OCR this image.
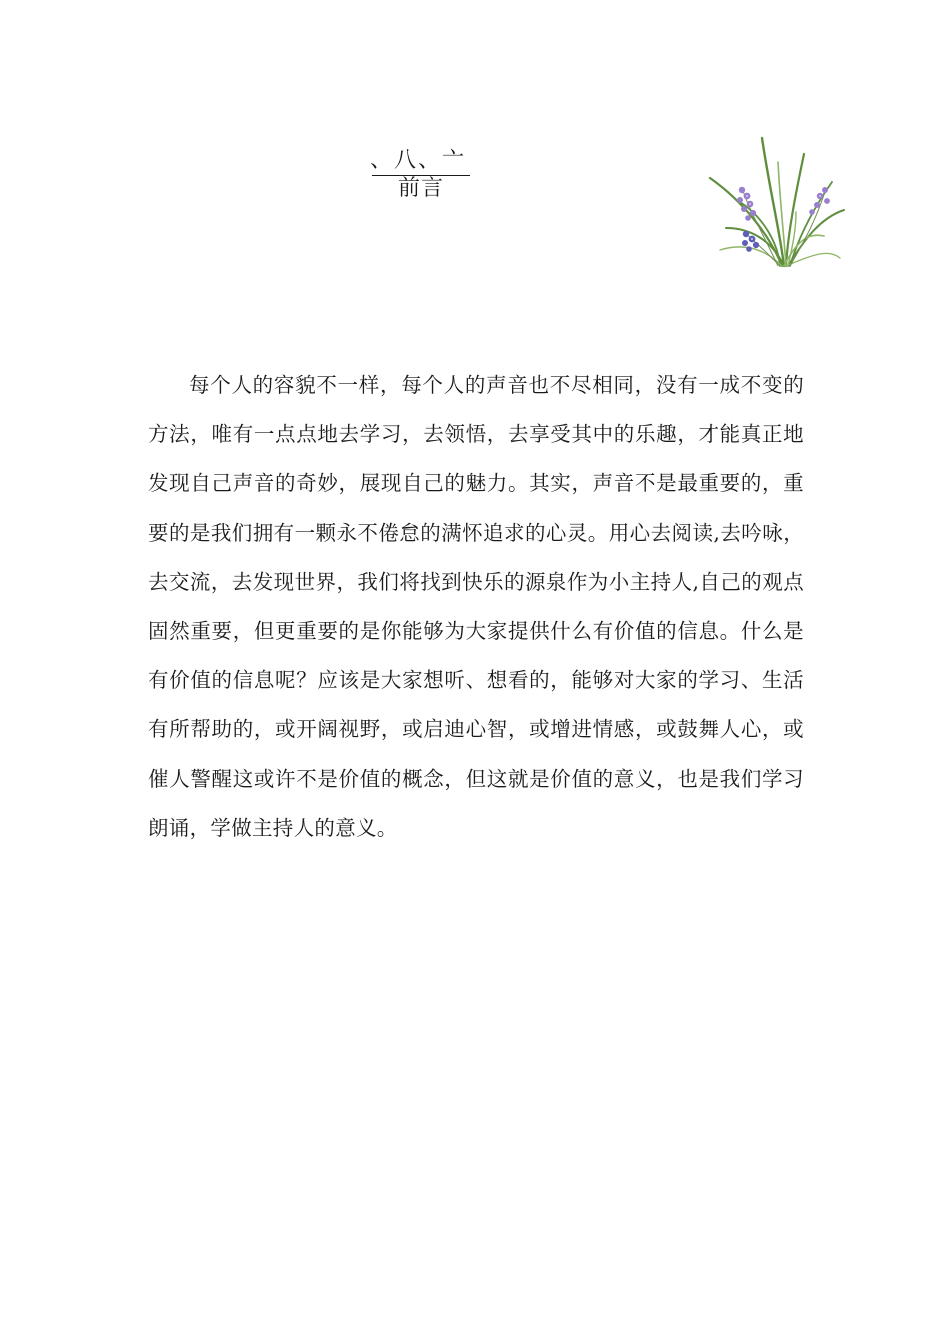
、八、亠
前言

每个人的容貌不一样，每个人的声音也不尽相同，没有一成不变的方法，唯有一点点地去学习，去领悟，去享受其中的乐趣，才能真正地发现自己声音的奇妙，展现自己的魅力。其实，声音不是最重要的，重要的是我们拥有一颗永不倦怠的满怀追求的心灵。用心去阅读,去吟咏，去交流，去发现世界，我们将找到快乐的源泉作为小主持人,自己的观点固然重要，但更重要的是你能够为大家提供什么有价值的信息。什么是有价值的信息呢？应该是大家想听、想看的，能够对大家的学习、生活有所帮助的，或开阔视野，或启迪心智，或增进情感，或鼓舞人心，或催人警醒这或许不是价值的概念，但这就是价值的意义，也是我们学习朗诵，学做主持人的意义。
